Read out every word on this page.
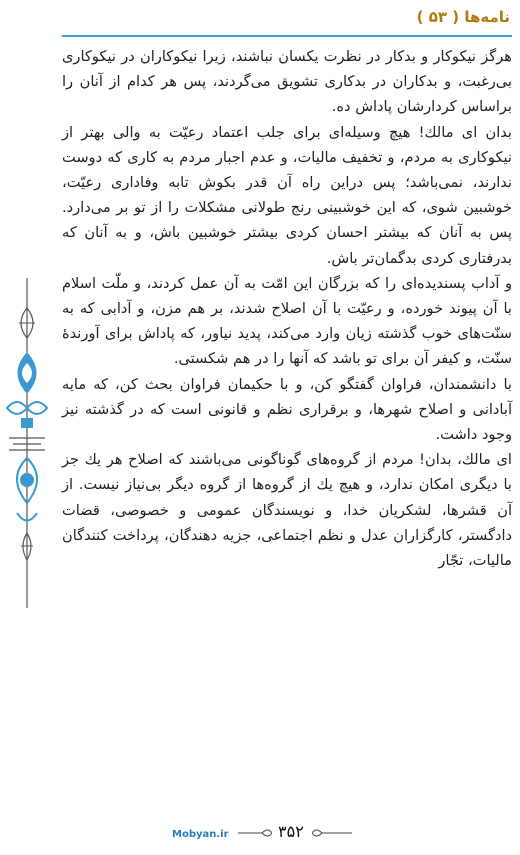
نامه‌ها ( ۵۳ )

هرگز نیکوکار و بدکار در نظرت یکسان نباشند، زیرا نیکوکاران در نیکوکاری بی‌رغبت، و بدکاران در بدکاری تشویق می‌گردند، پس هر کدام از آنان را براساس کردارشان پاداش ده.

بدان ای مالك! هیچ وسیله‌ای برای جلب اعتماد رعیّت به والی بهتر از نیکوکاری به مردم، و تخفیف مالیات، و عدم اجبار مردم به کاری که دوست ندارند، نمی‌باشد؛ پس دراین راه آن قدر بکوش تابه وفاداری رعیّت، خوشبین شوی، که این خوشبینی رنج طولانی مشکلات را از تو بر می‌دارد. پس به آنان که بیشتر احسان کردی بیشتر خوشبین باش، و به آنان که بدرفتاری کردی بدگمان‌تر باش.

و آداب پسندیده‌ای را که بزرگان این امّت به آن عمل کردند، و ملّت اسلام با آن پیوند خورده، و رعیّت با آن اصلاح شدند، بر هم مزن، و آدابی که به سنّت‌های خوب گذشته زیان وارد می‌کند، پدید نیاور، که پاداش برای آورندهٔ سنّت، و کیفر آن برای تو باشد که آنها را در هم شکستی.

با دانشمندان، فراوان گفتگو کن، و با حکیمان فراوان بحث کن، که مایه آبادانی و اصلاح شهرها، و برقراری نظم و قانونی است که در گذشته نیز وجود داشت.

ای مالك، بدان! مردم از گروه‌های گوناگونی می‌باشند که اصلاح هر یك جز با دیگری امکان ندارد، و هیچ یك از گروه‌ها از گروه دیگر بی‌نیاز نیست. از آن قشرها، لشکریان خدا، و نویسندگان عمومی و خصوصی، قضات دادگستر، کارگزاران عدل و نظم اجتماعی، جزیه دهندگان، پرداخت کنندگان مالیات، تجّار

Mobyan.ir	۳۵۲
